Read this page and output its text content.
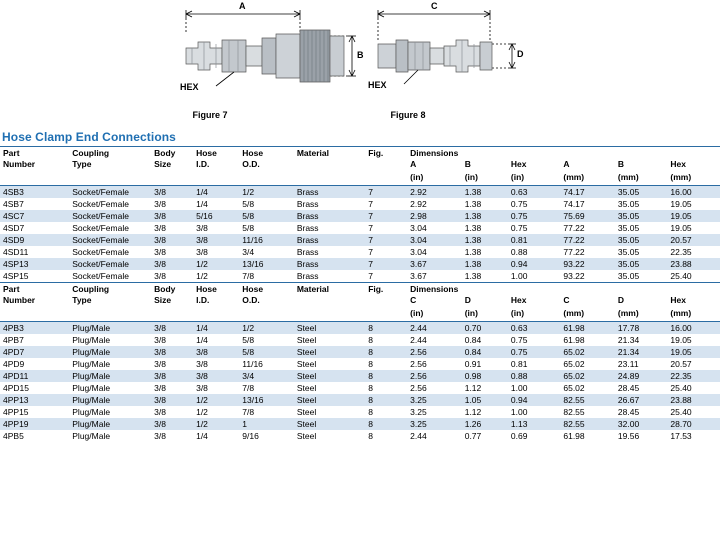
HEX	HEX
A
B
C
D
Figure 7	Figure 8
Hose Clamp End Connections
Part	Coupling	Body	Hose	Hose	Material	Fig.	Dimensions					
Number	Type	Size	I.D.	O.D.			A	B	Hex	A	B	Hex
							(in)	(in)	(in)	(mm)	(mm)	(mm)
4SB3	Socket/Female	3/8	1/4	1/2	Brass	7	2.92	1.38	0.63	74.17	35.05	16.00
4SB7	Socket/Female	3/8	1/4	5/8	Brass	7	2.92	1.38	0.75	74.17	35.05	19.05
4SC7	Socket/Female	3/8	5/16	5/8	Brass	7	2.98	1.38	0.75	75.69	35.05	19.05
4SD7	Socket/Female	3/8	3/8	5/8	Brass	7	3.04	1.38	0.75	77.22	35.05	19.05
4SD9	Socket/Female	3/8	3/8	11/16	Brass	7	3.04	1.38	0.81	77.22	35.05	20.57
4SD11	Socket/Female	3/8	3/8	3/4	Brass	7	3.04	1.38	0.88	77.22	35.05	22.35
4SP13	Socket/Female	3/8	1/2	13/16	Brass	7	3.67	1.38	0.94	93.22	35.05	23.88
4SP15	Socket/Female	3/8	1/2	7/8	Brass	7	3.67	1.38	1.00	93.22	35.05	25.40
Part	Coupling	Body	Hose	Hose	Material	Fig.	Dimensions					
Number	Type	Size	I.D.	O.D.			C	D	Hex	C	D	Hex
							(in)	(in)	(in)	(mm)	(mm)	(mm)
4PB3	Plug/Male	3/8	1/4	1/2	Steel	8	2.44	0.70	0.63	61.98	17.78	16.00
4PB7	Plug/Male	3/8	1/4	5/8	Steel	8	2.44	0.84	0.75	61.98	21.34	19.05
4PD7	Plug/Male	3/8	3/8	5/8	Steel	8	2.56	0.84	0.75	65.02	21.34	19.05
4PD9	Plug/Male	3/8	3/8	11/16	Steel	8	2.56	0.91	0.81	65.02	23.11	20.57
4PD11	Plug/Male	3/8	3/8	3/4	Steel	8	2.56	0.98	0.88	65.02	24.89	22.35
4PD15	Plug/Male	3/8	3/8	7/8	Steel	8	2.56	1.12	1.00	65.02	28.45	25.40
4PP13	Plug/Male	3/8	1/2	13/16	Steel	8	3.25	1.05	0.94	82.55	26.67	23.88
4PP15	Plug/Male	3/8	1/2	7/8	Steel	8	3.25	1.12	1.00	82.55	28.45	25.40
4PP19	Plug/Male	3/8	1/2	1	Steel	8	3.25	1.26	1.13	82.55	32.00	28.70
4PB5	Plug/Male	3/8	1/4	9/16	Steel	8	2.44	0.77	0.69	61.98	19.56	17.53
